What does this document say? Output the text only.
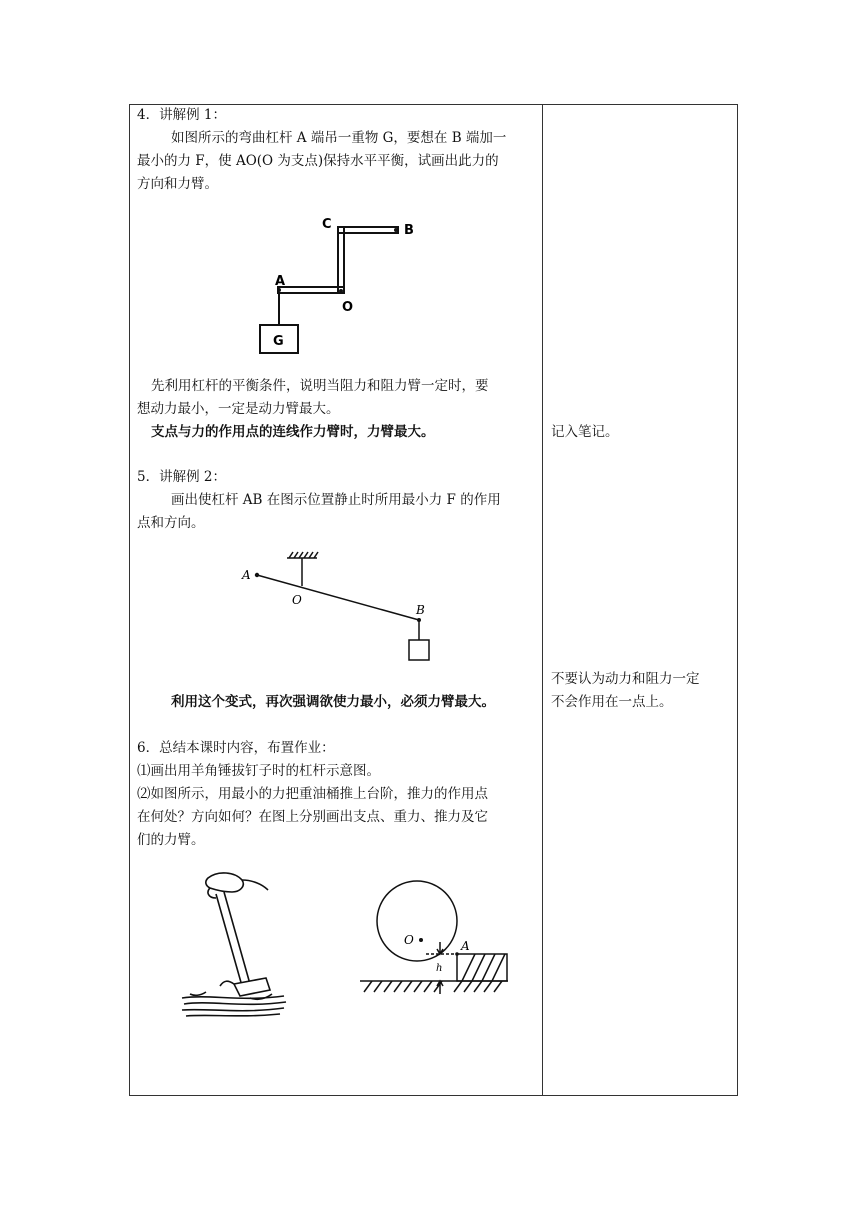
4．讲解例 1：
如图所示的弯曲杠杆 A 端吊一重物 G，要想在 B 端加一
最小的力 F，使 AO(O 为支点)保持水平平衡，试画出此力的
方向和力臂。
C	B
A
O
G
先利用杠杆的平衡条件，说明当阻力和阻力臂一定时，要
想动力最小，一定是动力臂最大。
支点与力的作用点的连线作力臂时，力臂最大。	记入笔记。
5．讲解例 2：
画出使杠杆 AB 在图示位置静止时所用最小力 F 的作用
点和方向。
A
O
B
利用这个变式，再次强调欲使力最小，必须力臂最大。
不要认为动力和阻力一定
不会作用在一点上。
6．总结本课时内容，布置作业：
⑴画出用羊角锤拔钉子时的杠杆示意图。
⑵如图所示，用最小的力把重油桶推上台阶，推力的作用点
在何处？方向如何？在图上分别画出支点、重力、推力及它
们的力臂。
O	A
h
